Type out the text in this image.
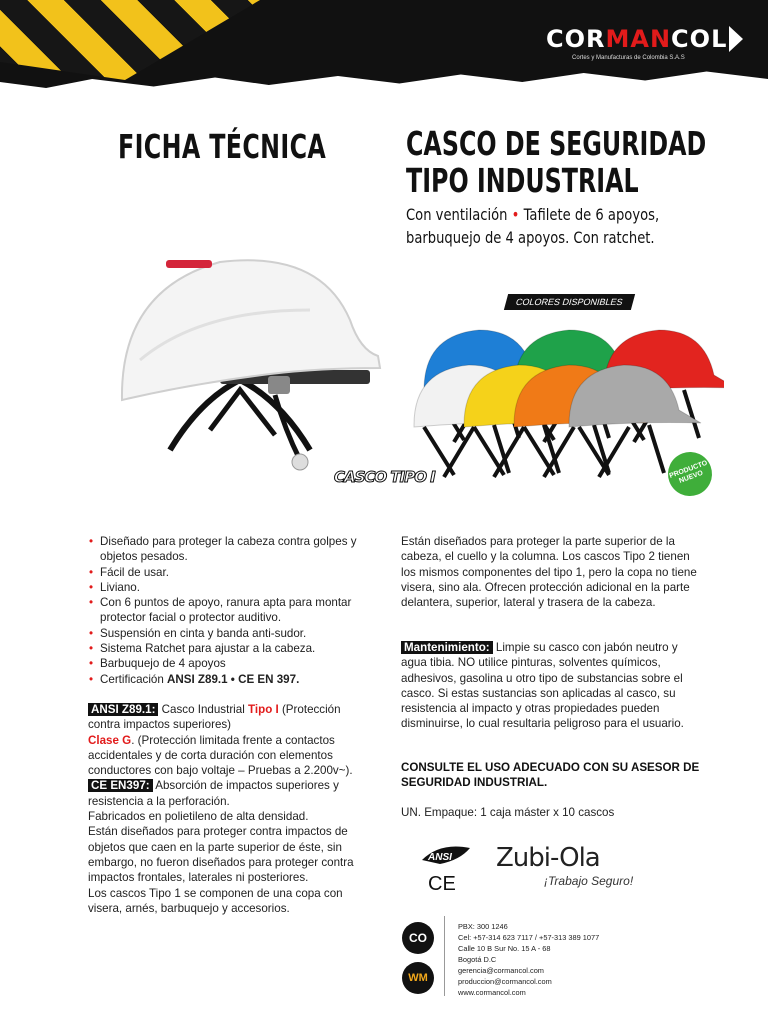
CORMANCOL
Cortes y Manufacturas de Colombia S.A.S
FICHA TÉCNICA CASCO DE SEGURIDAD
TIPO INDUSTRIAL
Con ventilación • Tafilete de 6 apoyos,
barbuquejo de 4 apoyos. Con ratchet.
COLORES DISPONIBLES
CASCO TIPO I	PRODUCTO NUEVO
• Diseñado para proteger la cabeza contra golpes y objetos pesados.
• Fácil de usar.
• Liviano.
• Con 6 puntos de apoyo, ranura apta para montar protector facial o protector auditivo.
• Suspensión en cinta y banda anti-sudor.
• Sistema Ratchet para ajustar a la cabeza.
• Barbuquejo de 4 apoyos
• Certificación ANSI Z89.1 • CE EN 397.
ANSI Z89.1: Casco Industrial Tipo I (Protección contra impactos superiores)
Clase G. (Protección limitada frente a contactos accidentales y de corta duración con elementos conductores con bajo voltaje – Pruebas a 2.200v~).
CE EN397: Absorción de impactos superiores y resistencia a la perforación.
Fabricados en polietileno de alta densidad.
Están diseñados para proteger contra impactos de objetos que caen en la parte superior de éste, sin embargo, no fueron diseñados para proteger contra impactos frontales, laterales ni posteriores.
Los cascos Tipo 1 se componen de una copa con visera, arnés, barbuquejo y accesorios.
Están diseñados para proteger la parte superior de la cabeza, el cuello y la columna. Los cascos Tipo 2 tienen los mismos componentes del tipo 1, pero la copa no tiene visera, sino ala. Ofrecen protección adicional en la parte delantera, superior, lateral y trasera de la cabeza.
Mantenimiento: Limpie su casco con jabón neutro y agua tibia. NO utilice pinturas, solventes químicos, adhesivos, gasolina u otro tipo de substancias sobre el casco. Si estas sustancias son aplicadas al casco, su resistencia al impacto y otras propiedades pueden disminuirse, lo cual resultaria peligroso para el usuario.
CONSULTE EL USO ADECUADO CON SU ASESOR DE SEGURIDAD INDUSTRIAL.
UN. Empaque: 1 caja máster x 10 cascos
ANSI
CE
Zubi-Ola
¡Trabajo Seguro!
CO
WM
PBX: 300 1246
Cel: +57-314 623 7117 / +57-313 389 1077
Calle 10 B Sur No. 15 A - 68
Bogotá D.C
gerencia@cormancol.com
produccion@cormancol.com
www.cormancol.com
